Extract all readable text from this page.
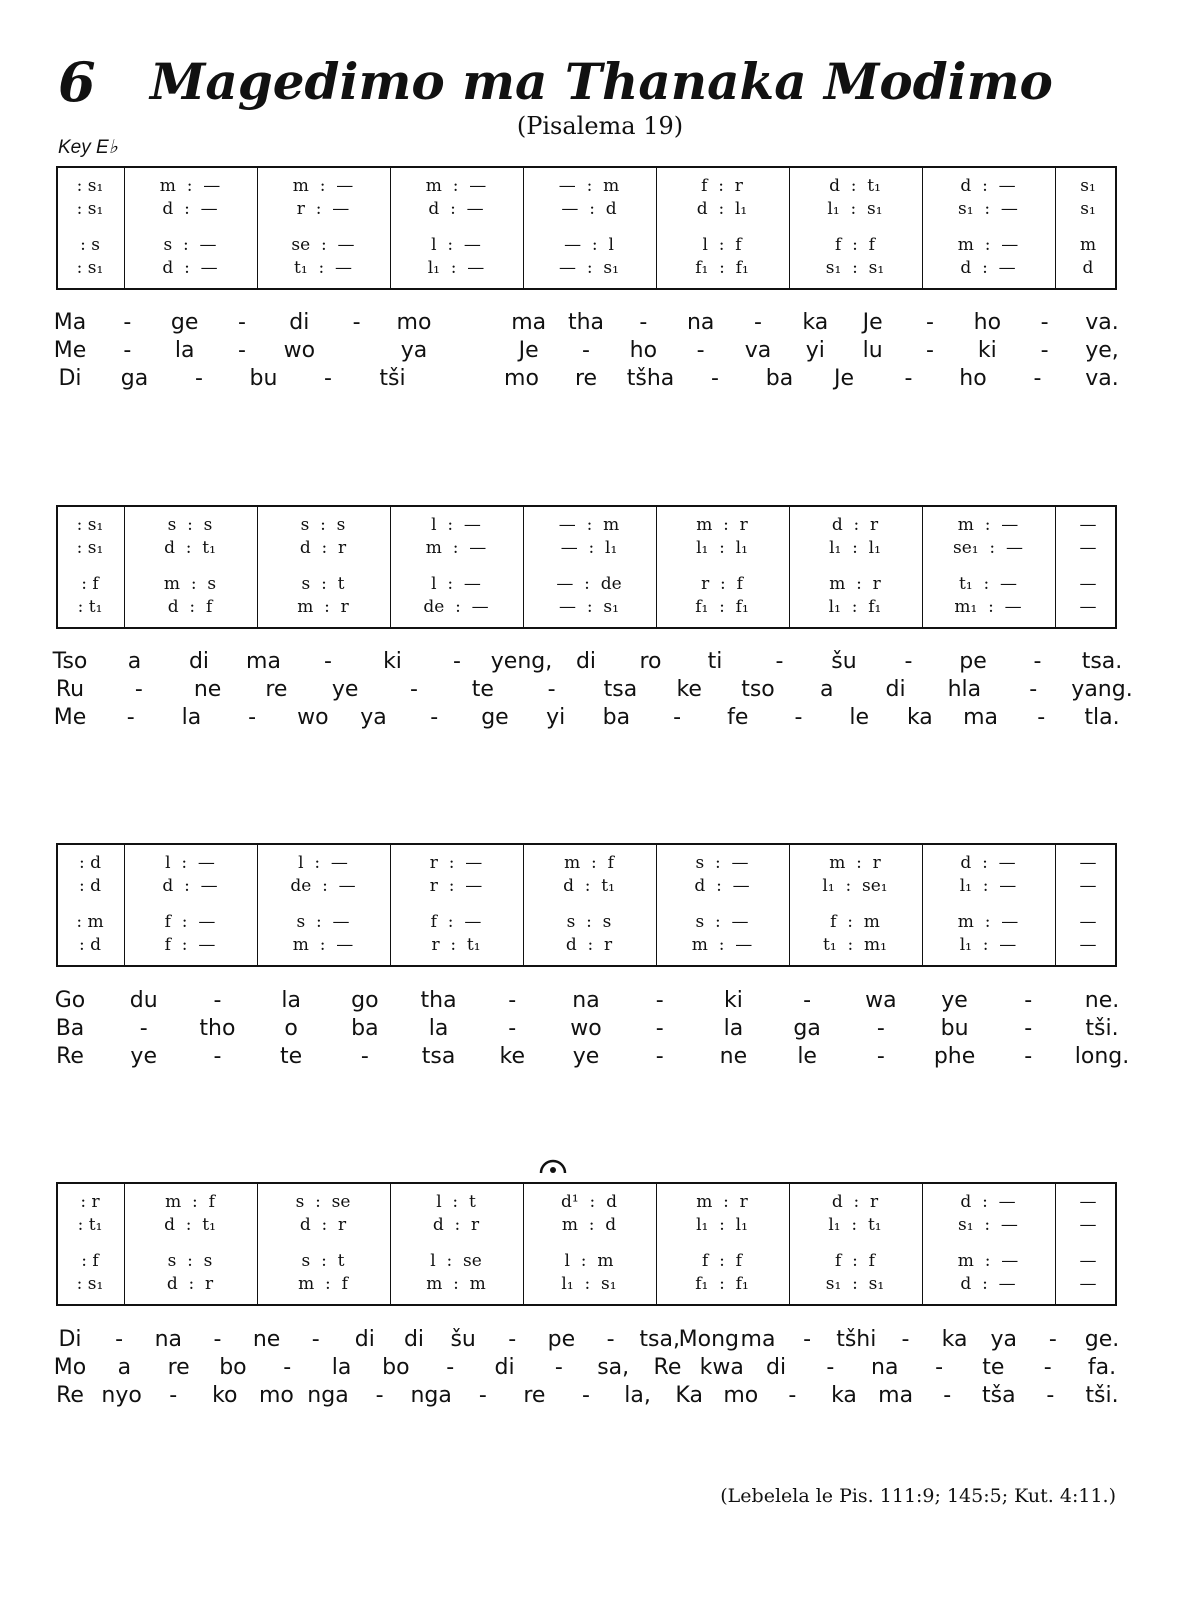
6 Magedimo ma Thanaka Modimo
(Pisalema 19)
Key E♭
: s₁	m  :  —	m  :  —	m  :  —	—  :  m	f  :  r	d  :  t₁	d  :  —	s₁
: s₁	d  :  —	r  :  —	d  :  —	—  :  d	d  :  l₁	l₁  :  s₁	s₁  :  —	s₁
: s	s  :  —	se  :  —	l  :  —	—  :  l	l  :  f	f  :  f	m  :  —	m
: s₁	d  :  —	t₁  :  —	l₁  :  —	—  :  s₁	f₁  :  f₁	s₁  :  s₁	d  :  —	d
: s₁	s  :  s	s  :  s	l  :  —	—  :  m	m  :  r	d  :  r	m  :  —	—
: s₁	d  :  t₁	d  :  r	m  :  —	—  :  l₁	l₁  :  l₁	l₁  :  l₁	se₁  :  —	—
: f	m  :  s	s  :  t	l  :  —	—  :  de	r  :  f	m  :  r	t₁  :  —	—
: t₁	d  :  f	m  :  r	de  :  —	—  :  s₁	f₁  :  f₁	l₁  :  f₁	m₁  :  —	—
: d	l  :  —	l  :  —	r  :  —	m  :  f	s  :  —	m  :  r	d  :  —	—
: d	d  :  —	de  :  —	r  :  —	d  :  t₁	d  :  —	l₁  :  se₁	l₁  :  —	—
: m	f  :  —	s  :  —	f  :  —	s  :  s	s  :  —	f  :  m	m  :  —	—
: d	f  :  —	m  :  —	r  :  t₁	d  :  r	m  :  —	t₁  :  m₁	l₁  :  —	—
: r	m  :  f	s  :  se	l  :  t	d¹  :  d	m  :  r	d  :  r	d  :  —	—
: t₁	d  :  t₁	d  :  r	d  :  r	m  :  d	l₁  :  l₁	l₁  :  t₁	s₁  :  —	—
: f	s  :  s	s  :  t	l  :  se	l  :  m	f  :  f	f  :  f	m  :  —	—
: s₁	d  :  r	m  :  f	m  :  m	l₁  :  s₁	f₁  :  f₁	s₁  :  s₁	d  :  —	—
(Lebelela le Pis. 111:9; 145:5; Kut. 4:11.)
Ma - ge - di - mo	ma tha - na - ka Je - ho - va.
Me - la - wo	ya	Je - ho - va yi lu - ki - ye,
Di ga - bu - tši	mo re tšha - ba Je - ho - va.
Tso a di ma - ki - yeng, di ro ti - šu - pe - tsa.
Ru - ne re ye - te - tsa ke tso a di hla - yang.
Me - la - wo ya - ge yi ba - fe - le ka ma - tla.
Go du	-	la go tha -	na	-	ki	- wa ye	- ne.
Ba	- tho o ba la	- wo -	la ga	-	bu	- tši.
Re ye	-	te	- tsa ke ye	-	ne le	- phe - long.
Di - na - ne - di di šu - pe - tsa,
Mong ma - tšhi - ka ya - ge.
Mo a re bo - la bo - di - sa, Re kwa di - na - te - fa.
Re nyo - ko mo nga - nga - re - la, Ka mo - ka ma - tša - tši.
